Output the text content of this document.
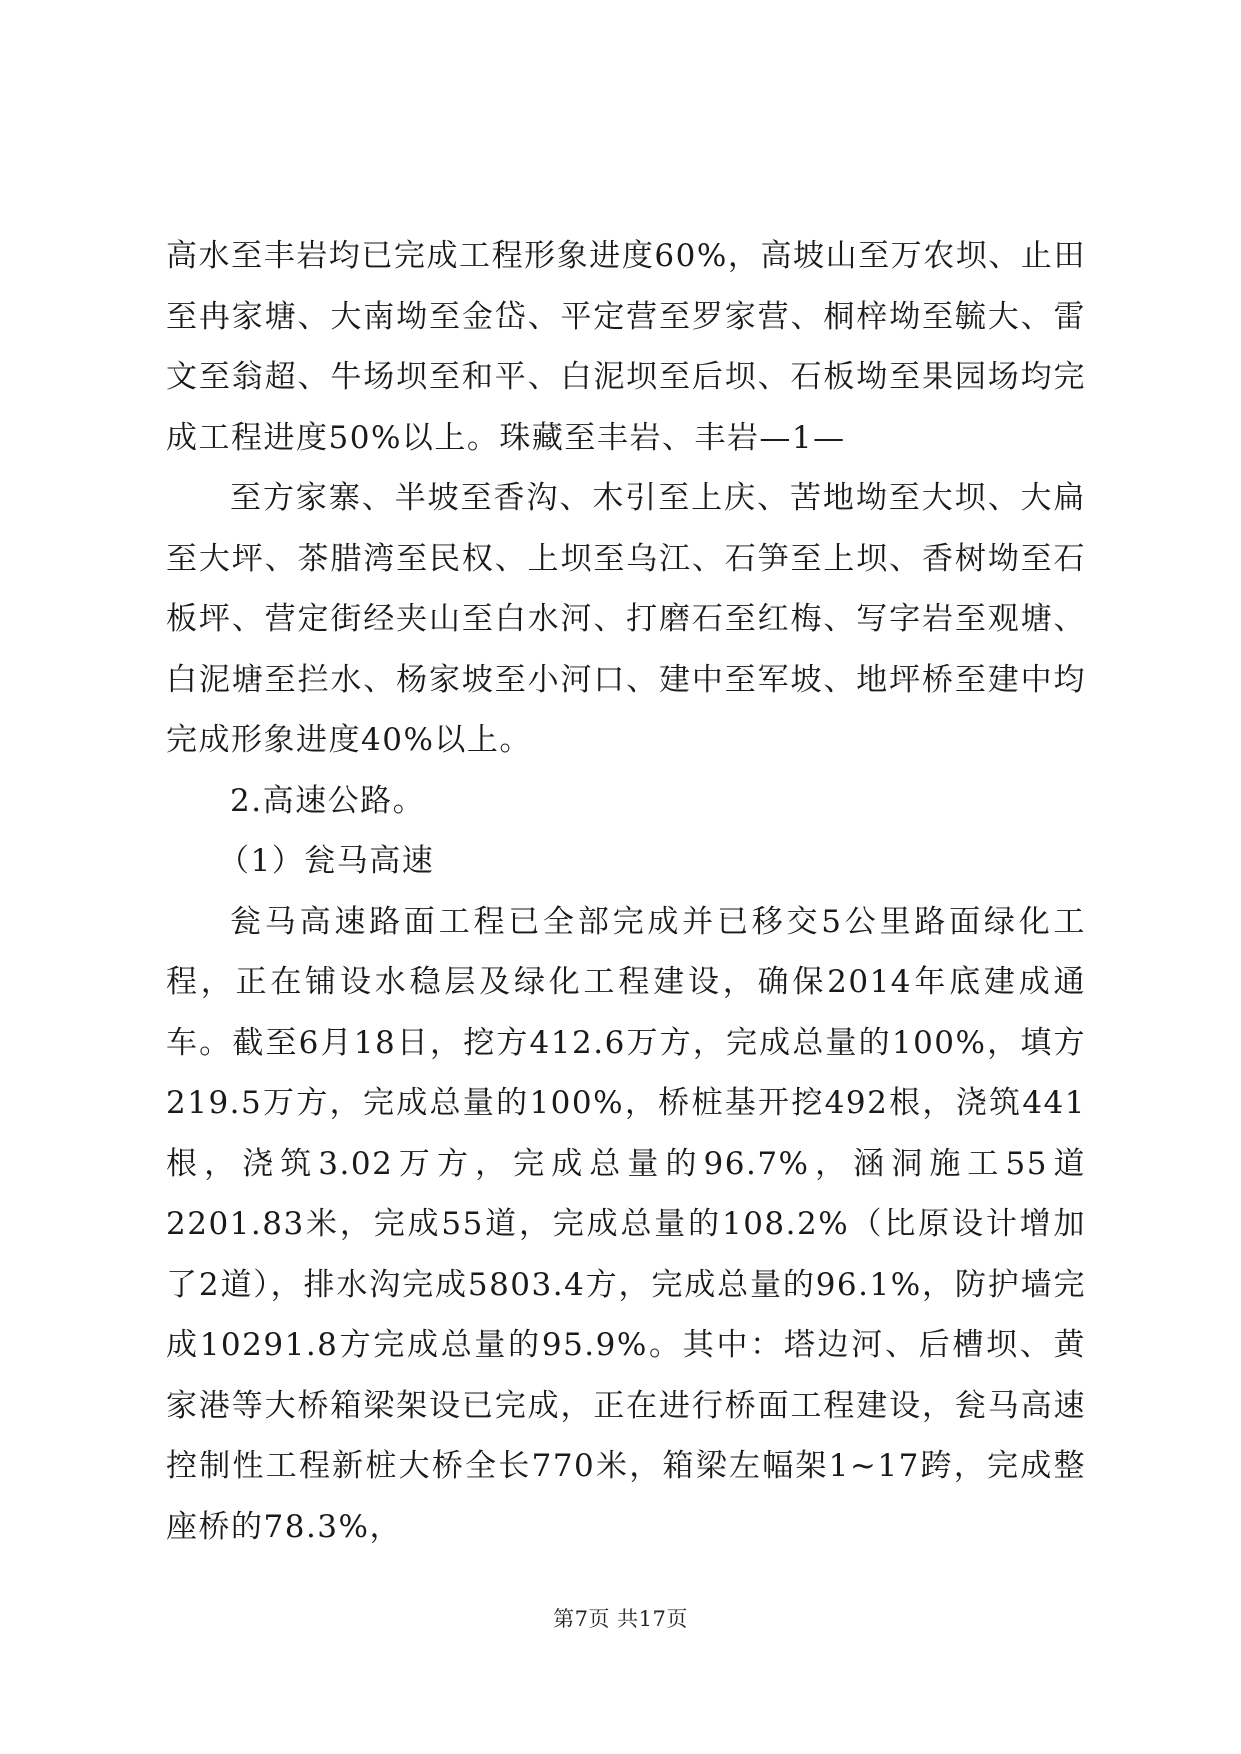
高水至丰岩均已完成工程形象进度60%，高坡山至万农坝、止田至冉家塘、大南坳至金岱、平定营至罗家营、桐梓坳至毓大、雷文至翁超、牛场坝至和平、白泥坝至后坝、石板坳至果园场均完成工程进度50%以上。珠藏至丰岩、丰岩—1—

至方家寨、半坡至香沟、木引至上庆、苦地坳至大坝、大扁至大坪、茶腊湾至民权、上坝至乌江、石笋至上坝、香树坳至石板坪、营定街经夹山至白水河、打磨石至红梅、写字岩至观塘、白泥塘至拦水、杨家坡至小河口、建中至军坡、地坪桥至建中均完成形象进度40%以上。

2.高速公路。

（1）瓮马高速

瓮马高速路面工程已全部完成并已移交5公里路面绿化工程，正在铺设水稳层及绿化工程建设，确保2014年底建成通车。截至6月18日，挖方412.6万方，完成总量的100%，填方219.5万方，完成总量的100%，桥桩基开挖492根，浇筑441根，浇筑3.02万方，完成总量的96.7%，涵洞施工55道2201.83米，完成55道，完成总量的108.2%（比原设计增加了2道），排水沟完成5803.4方，完成总量的96.1%，防护墙完成10291.8方完成总量的95.9%。其中：塔边河、后槽坝、黄家港等大桥箱梁架设已完成，正在进行桥面工程建设，瓮马高速控制性工程新桩大桥全长770米，箱梁左幅架1~17跨，完成整座桥的78.3%，

第7页 共17页
